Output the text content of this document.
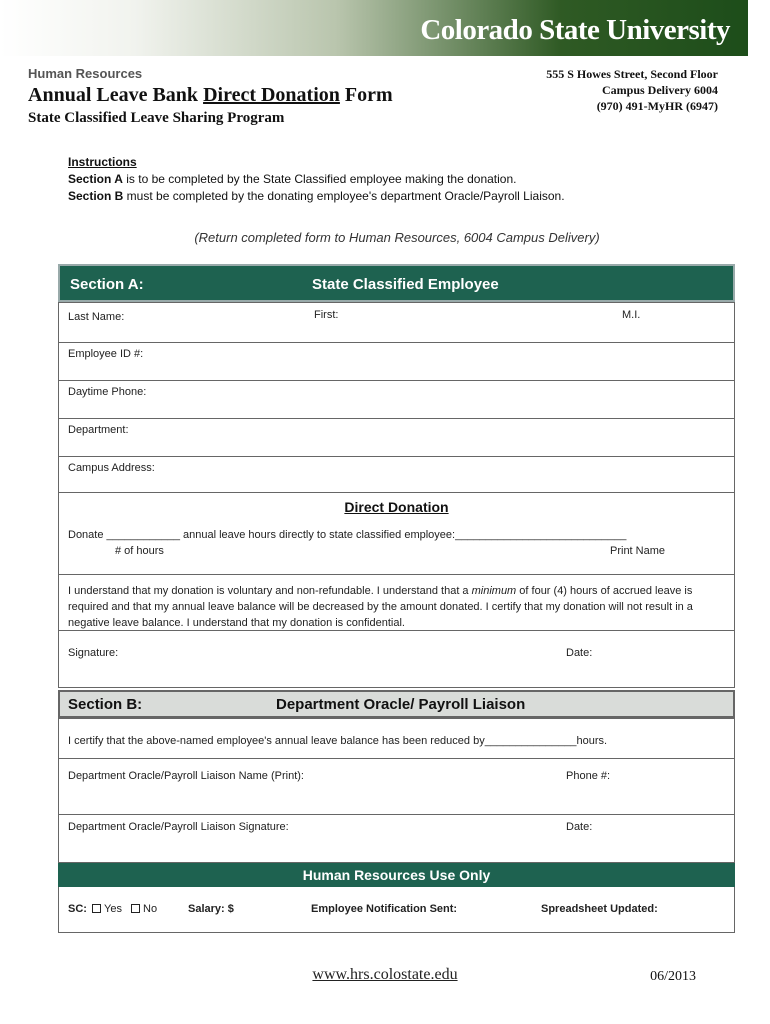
Colorado State University
Human Resources
Annual Leave Bank Direct Donation Form
State Classified Leave Sharing Program
555 S Howes Street, Second Floor
Campus Delivery 6004
(970) 491-MyHR (6947)
Instructions
Section A is to be completed by the State Classified employee making the donation.
Section B must be completed by the donating employee's department Oracle/Payroll Liaison.
(Return completed form to Human Resources, 6004 Campus Delivery)
Section A:	State Classified Employee
Last Name:	First:	M.I.
Employee ID #:
Daytime Phone:
Department:
Campus Address:
Direct Donation
Donate ____________ annual leave hours directly to state classified employee:____________________________
# of hours	Print Name
I understand that my donation is voluntary and non-refundable. I understand that a minimum of four (4) hours of accrued leave is required and that my annual leave balance will be decreased by the amount donated. I certify that my donation will not result in a negative leave balance. I understand that my donation is confidential.
Signature:	Date:
Section B:	Department Oracle/ Payroll Liaison
I certify that the above-named employee's annual leave balance has been reduced by_______________hours.
Department Oracle/Payroll Liaison Name (Print):	Phone #:
Department Oracle/Payroll Liaison Signature:	Date:
Human Resources Use Only
SC: Yes No	Salary: $	Employee Notification Sent:	Spreadsheet Updated:
www.hrs.colostate.edu	06/2013
